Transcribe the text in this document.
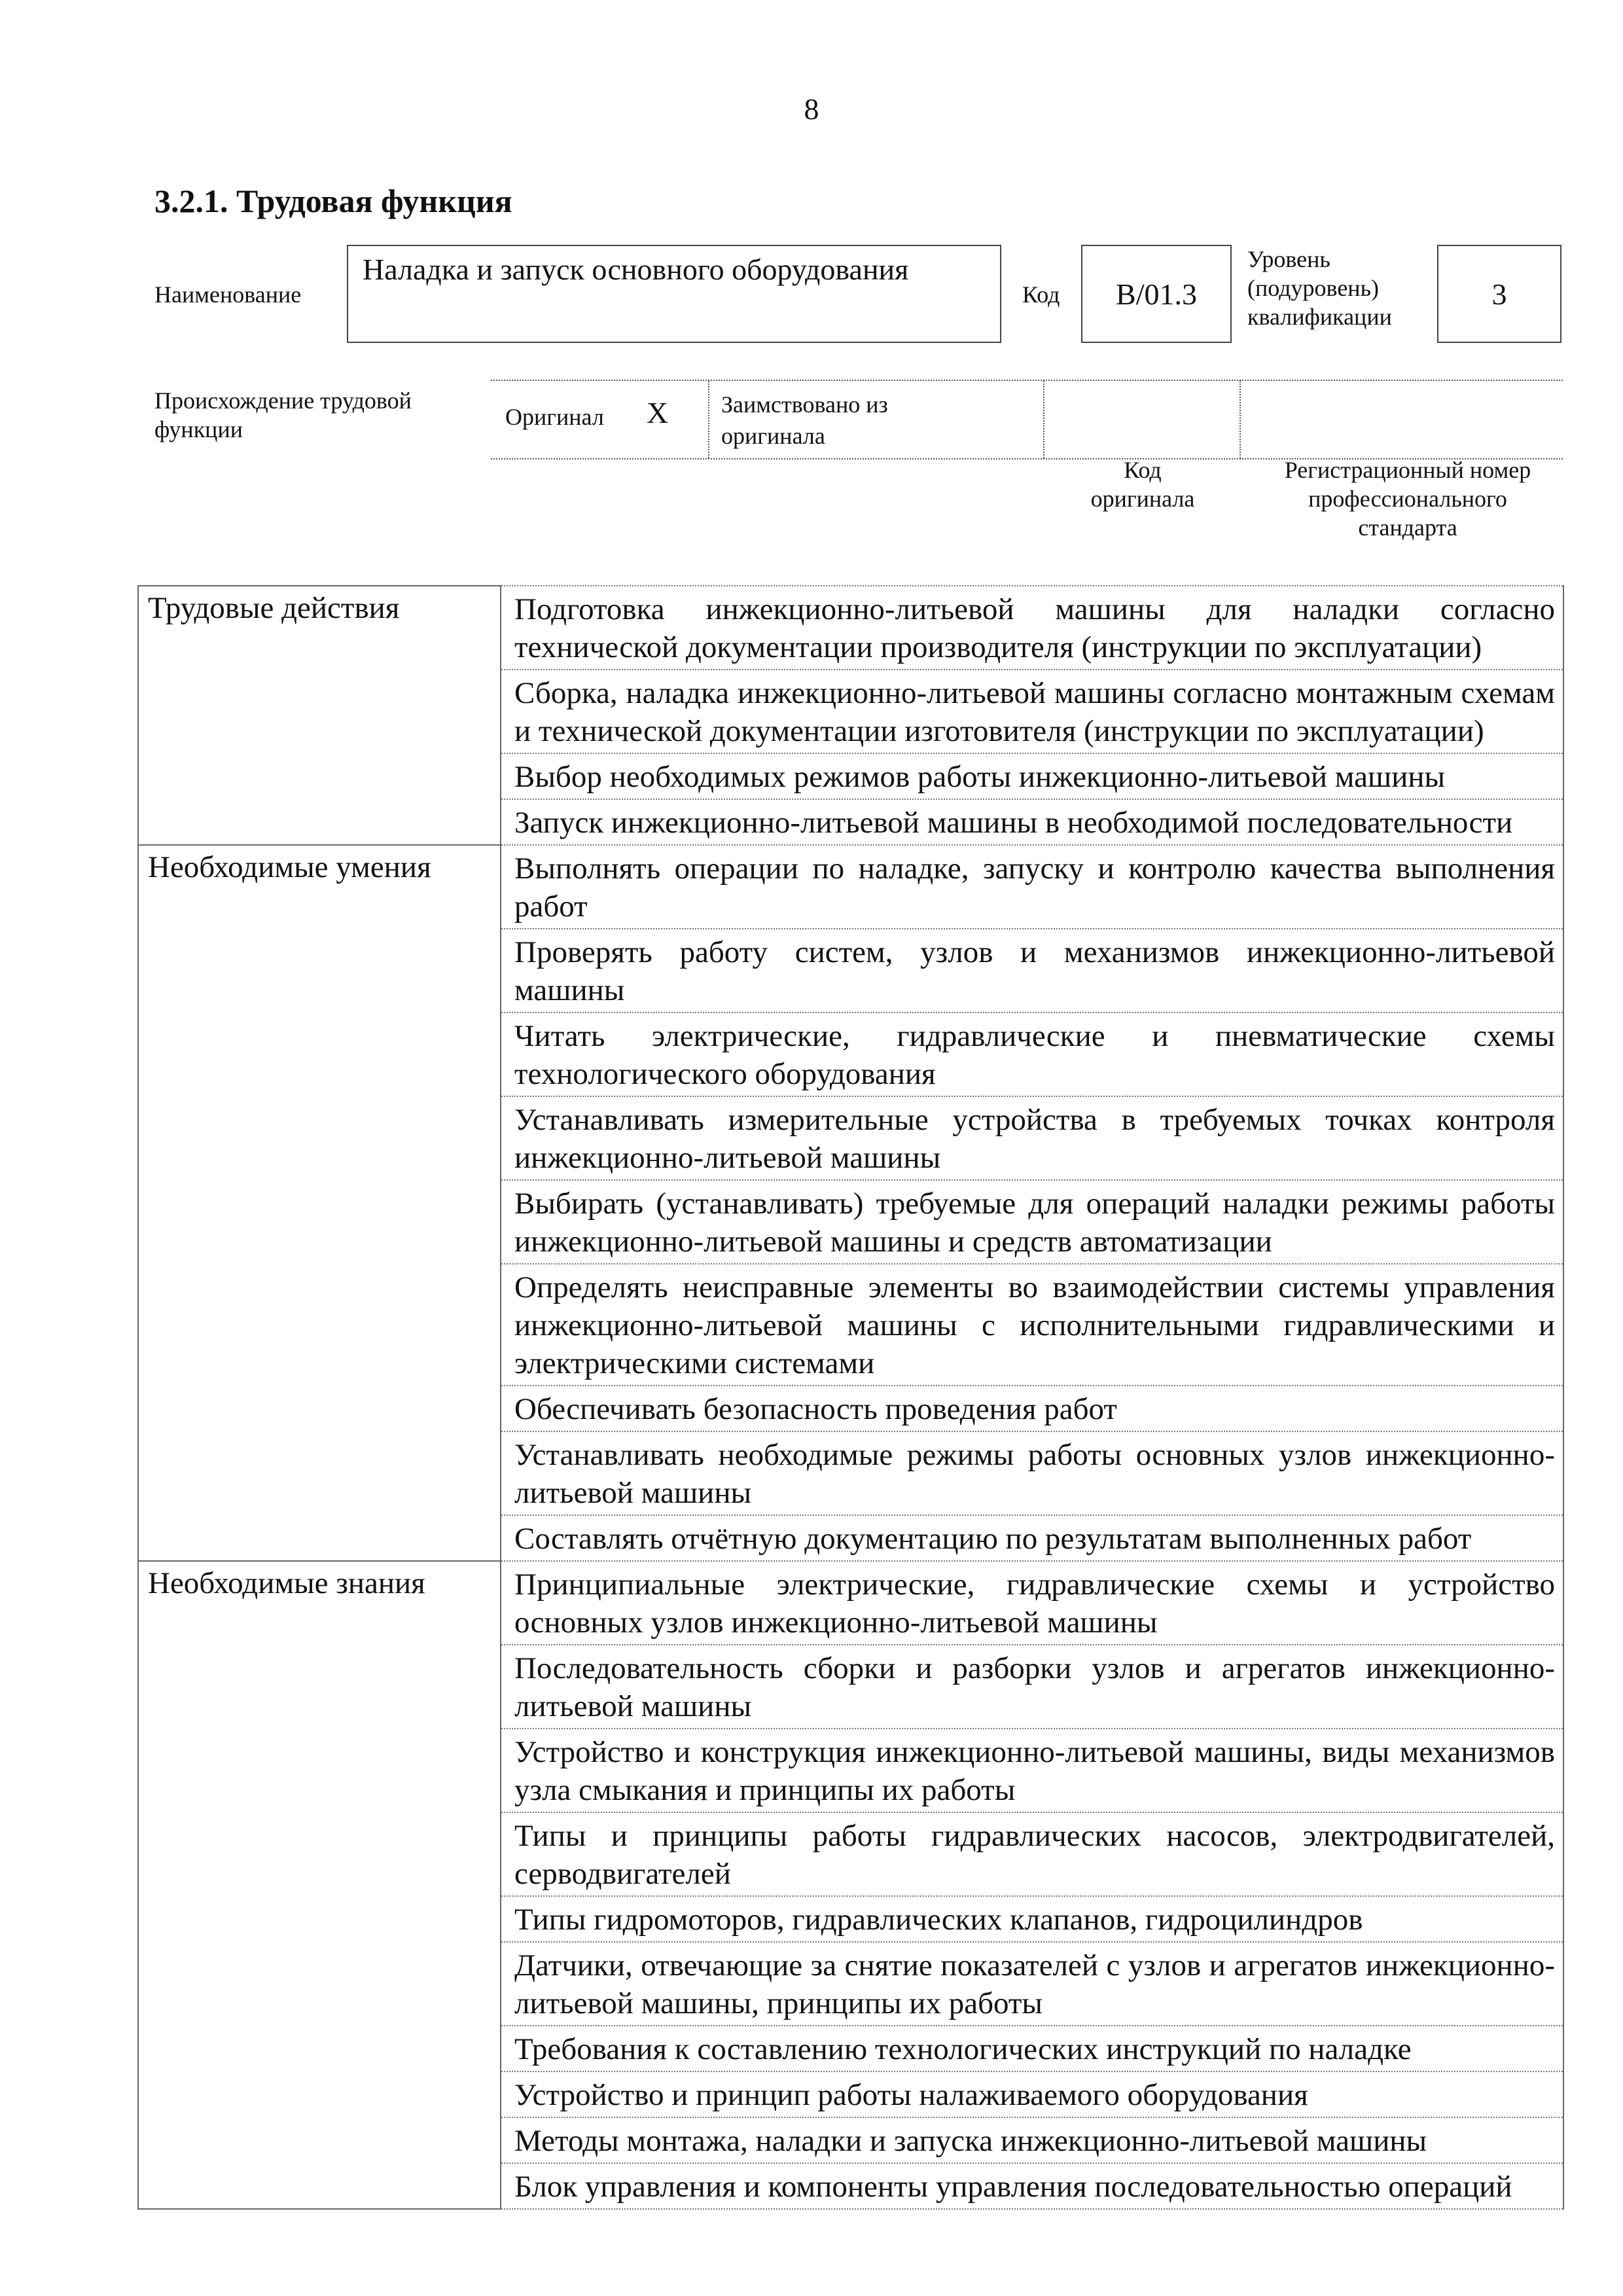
8
3.2.1. Трудовая функция
Наименование
Наладка и запуск основного оборудования
Код	B/01.3
Уровень
(подуровень)
квалификации
3
Происхождение трудовой
функции	Оригинал X Заимствовано из
оригинала
Код
оригинала
Регистрационный номер
профессионального
стандарта
Трудовые действия	Подготовка инжекционно-литьевой машины для наладки согласно технической документации производителя (инструкции по эксплуатации)
	Сборка, наладка инжекционно-литьевой машины согласно монтажным схемам и технической документации изготовителя (инструкции по эксплуатации)
	Выбор необходимых режимов работы инжекционно-литьевой машины
	Запуск инжекционно-литьевой машины в необходимой последовательности
Необходимые умения	Выполнять операции по наладке, запуску и контролю качества выполнения работ
	Проверять работу систем, узлов и механизмов инжекционно-литьевой машины
	Читать электрические, гидравлические и пневматические схемы технологического оборудования
	Устанавливать измерительные устройства в требуемых точках контроля инжекционно-литьевой машины
	Выбирать (устанавливать) требуемые для операций наладки режимы работы инжекционно-литьевой машины и средств автоматизации
	Определять неисправные элементы во взаимодействии системы управления инжекционно-литьевой машины с исполнительными гидравлическими и электрическими системами
	Обеспечивать безопасность проведения работ
	Устанавливать необходимые режимы работы основных узлов инжекционно-литьевой машины
	Составлять отчётную документацию по результатам выполненных работ
Необходимые знания	Принципиальные электрические, гидравлические схемы и устройство основных узлов инжекционно-литьевой машины
	Последовательность сборки и разборки узлов и агрегатов инжекционно-литьевой машины
	Устройство и конструкция инжекционно-литьевой машины, виды механизмов узла смыкания и принципы их работы
	Типы и принципы работы гидравлических насосов, электродвигателей, серводвигателей
	Типы гидромоторов, гидравлических клапанов, гидроцилиндров
	Датчики, отвечающие за снятие показателей с узлов и агрегатов инжекционно-литьевой машины, принципы их работы
	Требования к составлению технологических инструкций по наладке
	Устройство и принцип работы налаживаемого оборудования
	Методы монтажа, наладки и запуска инжекционно-литьевой машины
	Блок управления и компоненты управления последовательностью операций
